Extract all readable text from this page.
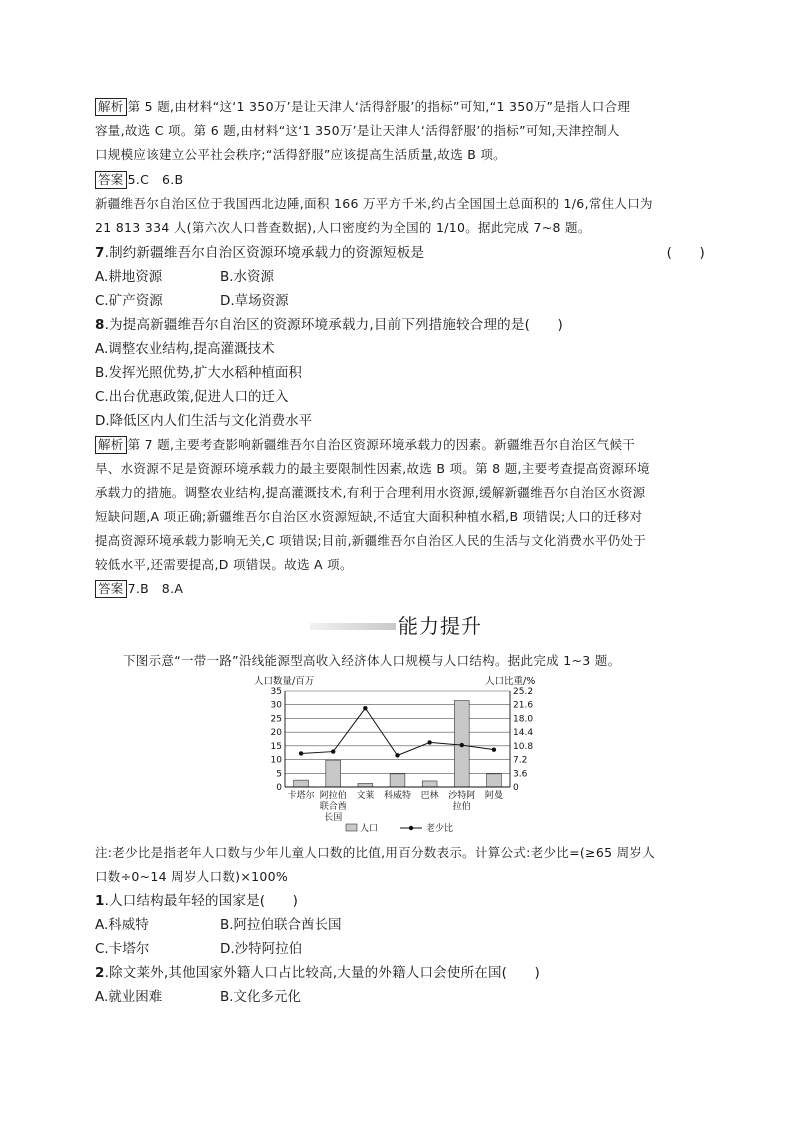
解析 第 5 题,由材料“这‘1 350万’是让天津人‘活得舒服’的指标”可知,“1 350万”是指人口合理
容量,故选 C 项。第 6 题,由材料“这‘1 350万’是让天津人‘活得舒服’的指标”可知,天津控制人
口规模应该建立公平社会秩序;“活得舒服”应该提高生活质量,故选 B 项。
答案 5.C　6.B
新疆维吾尔自治区位于我国西北边陲,面积 166 万平方千米,约占全国国土总面积的 1/6,常住人口为
21 813 334 人(第六次人口普查数据),人口密度约为全国的 1/10。据此完成 7~8 题。
7.制约新疆维吾尔自治区资源环境承载力的资源短板是	(　　)
A.耕地资源	B.水资源
C.矿产资源	D.草场资源
8.为提高新疆维吾尔自治区的资源环境承载力,目前下列措施较合理的是(　　)
A.调整农业结构,提高灌溉技术
B.发挥光照优势,扩大水稻种植面积
C.出台优惠政策,促进人口的迁入
D.降低区内人们生活与文化消费水平
解析 第 7 题,主要考查影响新疆维吾尔自治区资源环境承载力的因素。新疆维吾尔自治区气候干
旱、水资源不足是资源环境承载力的最主要限制性因素,故选 B 项。第 8 题,主要考查提高资源环境
承载力的措施。调整农业结构,提高灌溉技术,有利于合理利用水资源,缓解新疆维吾尔自治区水资源
短缺问题,A 项正确;新疆维吾尔自治区水资源短缺,不适宜大面积种植水稻,B 项错误;人口的迁移对
提高资源环境承载力影响无关,C 项错误;目前,新疆维吾尔自治区人民的生活与文化消费水平仍处于
较低水平,还需要提高,D 项错误。故选 A 项。
答案 7.B　8.A
能力提升
下图示意“一带一路”沿线能源型高收入经济体人口规模与人口结构。据此完成 1~3 题。
0	0
5	3.6
10	7.2
15	10.8
20	14.4
25	18.0
30	21.6
35	25.2
卡塔尔 阿拉伯
联合酋
长国
文莱 科威特 巴林 沙特阿
拉伯
阿曼
人口数量/百万	人口比重/%
人口	老少比
注:老少比是指老年人口数与少年儿童人口数的比值,用百分数表示。计算公式:老少比=(≥65 周岁人
口数÷0~14 周岁人口数)×100%
1.人口结构最年轻的国家是(　　)
A.科威特	B.阿拉伯联合酋长国
C.卡塔尔	D.沙特阿拉伯
2.除文莱外,其他国家外籍人口占比较高,大量的外籍人口会使所在国(　　)
A.就业困难	B.文化多元化
